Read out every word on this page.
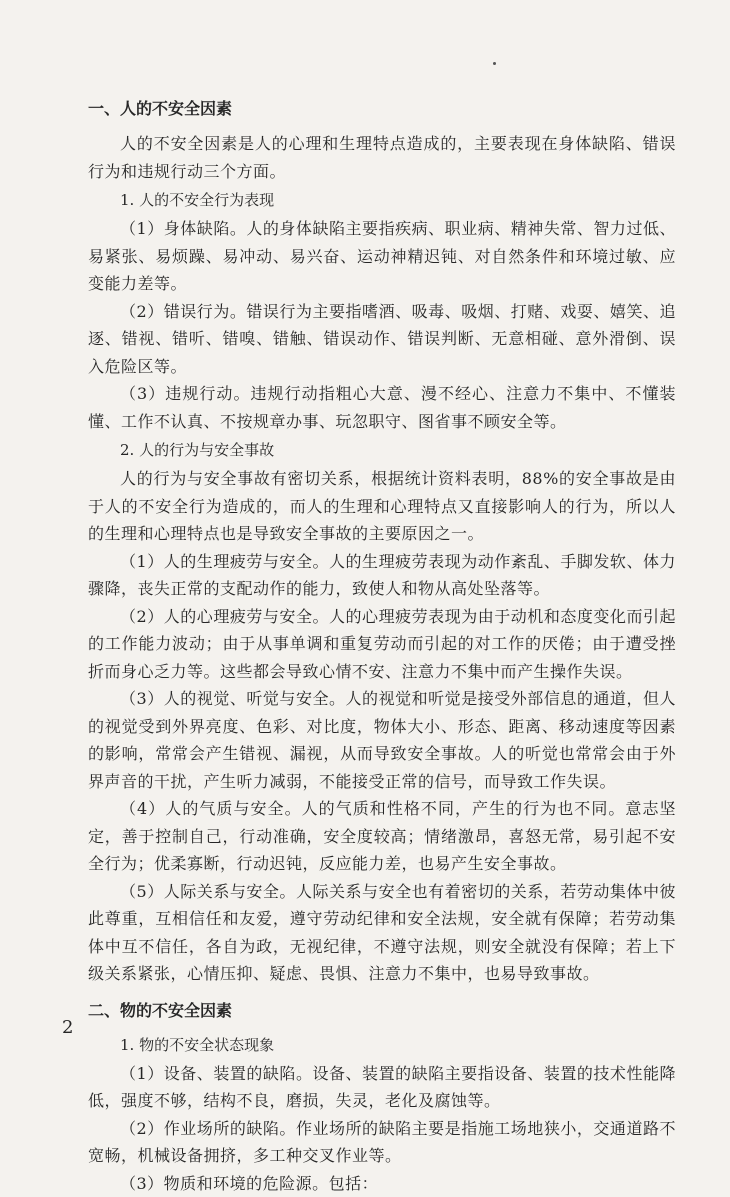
一、人的不安全因素

人的不安全因素是人的心理和生理特点造成的，主要表现在身体缺陷、错误行为和违规行动三个方面。

1. 人的不安全行为表现

（1）身体缺陷。人的身体缺陷主要指疾病、职业病、精神失常、智力过低、易紧张、易烦躁、易冲动、易兴奋、运动神精迟钝、对自然条件和环境过敏、应变能力差等。

（2）错误行为。错误行为主要指嗜酒、吸毒、吸烟、打赌、戏耍、嬉笑、追逐、错视、错听、错嗅、错触、错误动作、错误判断、无意相碰、意外滑倒、误入危险区等。

（3）违规行动。违规行动指粗心大意、漫不经心、注意力不集中、不懂装懂、工作不认真、不按规章办事、玩忽职守、图省事不顾安全等。

2. 人的行为与安全事故

人的行为与安全事故有密切关系，根据统计资料表明，88%的安全事故是由于人的不安全行为造成的，而人的生理和心理特点又直接影响人的行为，所以人的生理和心理特点也是导致安全事故的主要原因之一。

（1）人的生理疲劳与安全。人的生理疲劳表现为动作紊乱、手脚发软、体力骤降，丧失正常的支配动作的能力，致使人和物从高处坠落等。

（2）人的心理疲劳与安全。人的心理疲劳表现为由于动机和态度变化而引起的工作能力波动；由于从事单调和重复劳动而引起的对工作的厌倦；由于遭受挫折而身心乏力等。这些都会导致心情不安、注意力不集中而产生操作失误。

（3）人的视觉、听觉与安全。人的视觉和听觉是接受外部信息的通道，但人的视觉受到外界亮度、色彩、对比度，物体大小、形态、距离、移动速度等因素的影响，常常会产生错视、漏视，从而导致安全事故。人的听觉也常常会由于外界声音的干扰，产生听力减弱，不能接受正常的信号，而导致工作失误。

（4）人的气质与安全。人的气质和性格不同，产生的行为也不同。意志坚定，善于控制自己，行动准确，安全度较高；情绪激昂，喜怒无常，易引起不安全行为；优柔寡断，行动迟钝，反应能力差，也易产生安全事故。

（5）人际关系与安全。人际关系与安全也有着密切的关系，若劳动集体中彼此尊重，互相信任和友爱，遵守劳动纪律和安全法规，安全就有保障；若劳动集体中互不信任，各自为政，无视纪律，不遵守法规，则安全就没有保障；若上下级关系紧张，心情压抑、疑虑、畏惧、注意力不集中，也易导致事故。

二、物的不安全因素
1. 物的不安全状态现象

（1）设备、装置的缺陷。设备、装置的缺陷主要指设备、装置的技术性能降低，强度不够，结构不良，磨损，失灵，老化及腐蚀等。

（2）作业场所的缺陷。作业场所的缺陷主要是指施工场地狭小，交通道路不宽畅，机械设备拥挤，多工种交叉作业等。

（3）物质和环境的危险源。包括：

2
